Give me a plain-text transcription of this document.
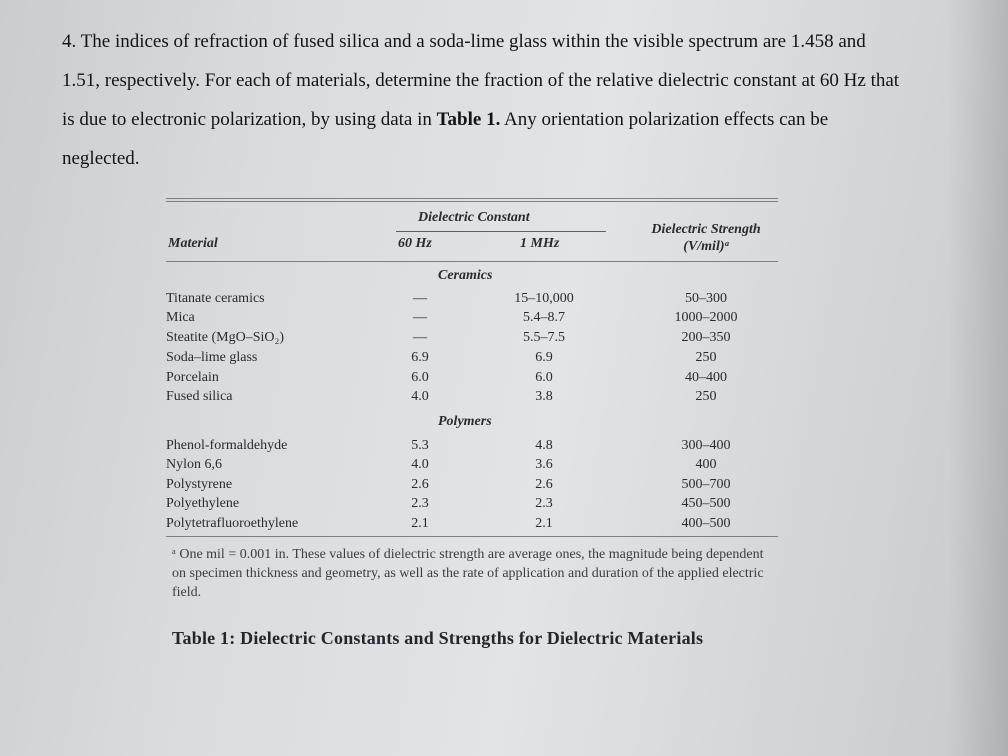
4. The indices of refraction of fused silica and a soda-lime glass within the visible spectrum are 1.458 and 1.51, respectively. For each of materials, determine the fraction of the relative dielectric constant at 60 Hz that is due to electronic polarization, by using data in Table 1. Any orientation polarization effects can be neglected.
Dielectric Constant
Material	60 Hz	1 MHz
Dielectric Strength
(V/mil)ᵃ
Ceramics
Titanate ceramics	—	15–10,000	50–300
Mica	—	5.4–8.7	1000–2000
Steatite (MgO–SiO₂)	—	5.5–7.5	200–350
Soda–lime glass	6.9	6.9	250
Porcelain	6.0	6.0	40–400
Fused silica	4.0	3.8	250
Polymers
Phenol-formaldehyde	5.3	4.8	300–400
Nylon 6,6	4.0	3.6	400
Polystyrene	2.6	2.6	500–700
Polyethylene	2.3	2.3	450–500
Polytetrafluoroethylene	2.1	2.1	400–500
ᵃ One mil = 0.001 in. These values of dielectric strength are average ones, the magnitude being dependent on specimen thickness and geometry, as well as the rate of application and duration of the applied electric field.
Table 1: Dielectric Constants and Strengths for Dielectric Materials
